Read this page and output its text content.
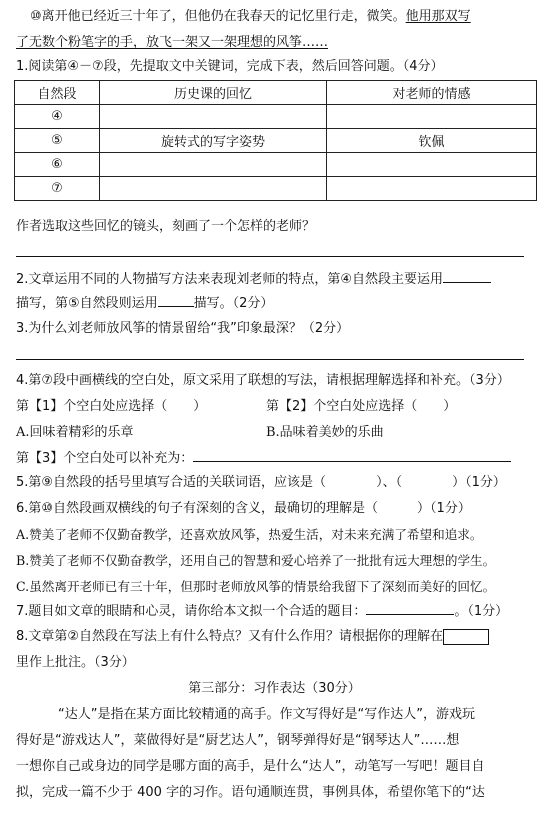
⑩离开他已经近三十年了，但他仍在我春天的记忆里行走，微笑。他用那双写
了无数个粉笔字的手，放飞一架又一架理想的风筝……
1.阅读第④－⑦段，先提取文中关键词，完成下表，然后回答问题。（4分）
自然段	历史课的回忆	对老师的情感
④		
⑤	旋转式的写字姿势	钦佩
⑥		
⑦		
作者选取这些回忆的镜头，刻画了一个怎样的老师？
2.文章运用不同的人物描写方法来表现刘老师的特点，第④自然段主要运用
描写，第⑤自然段则运用	描写。（2分）
3.为什么刘老师放风筝的情景留给“我”印象最深？（2分）
4.第⑦段中画横线的空白处，原文采用了联想的写法，请根据理解选择和补充。（3分）
第【1】个空白处应选择（　　）	第【2】个空白处应选择（　　）
A.回味着精彩的乐章	B.品味着美妙的乐曲
第【3】个空白处可以补充为：
5.第⑨自然段的括号里填写合适的关联词语，应该是（	）、（	）（1分）
6.第⑩自然段画双横线的句子有深刻的含义，最确切的理解是（　　　）（1分）
A.赞美了老师不仅勤奋教学，还喜欢放风筝，热爱生活，对未来充满了希望和追求。
B.赞美了老师不仅勤奋教学，还用自己的智慧和爱心培养了一批批有远大理想的学生。
C.虽然离开老师已有三十年，但那时老师放风筝的情景给我留下了深刻而美好的回忆。
7.题目如文章的眼睛和心灵，请你给本文拟一个合适的题目：	。（1分）
8.文章第②自然段在写法上有什么特点？又有什么作用？请根据你的理解在
里作上批注。（3分）
第三部分：习作表达（30分）
“达人”是指在某方面比较精通的高手。作文写得好是“写作达人”，游戏玩
得好是“游戏达人”，菜做得好是“厨艺达人”，钢琴弹得好是“钢琴达人”……想
一想你自己或身边的同学是哪方面的高手，是什么“达人”，动笔写一写吧！题目自
拟，完成一篇不少于 400 字的习作。语句通顺连贯，事例具体，希望你笔下的“达
